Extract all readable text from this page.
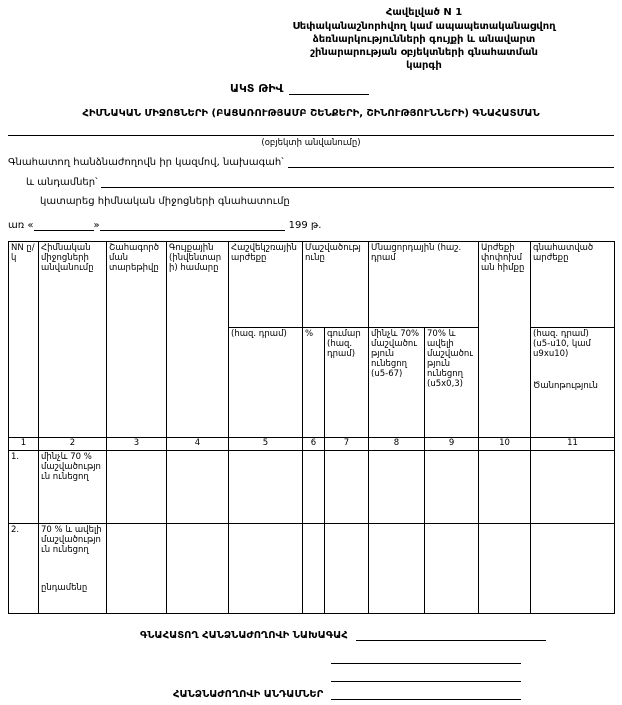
Հավելված N 1
Սեփականաշնորհվող կամ ապապետականացվող
ձեռնարկությունների գույքի և անավարտ
շինարարության օբյեկտների գնահատման
կարգի
ԱԿՏ ԹԻՎ
ՀԻՄՆԱԿԱՆ ՄԻՋՈՑՆԵՐԻ (ԲԱՑԱՌՈՒԹՅԱՄԲ ՇԵՆՔԵՐԻ, ՇԻՆՈՒԹՅՈՒՆՆԵՐԻ) ԳՆԱՀԱՏՄԱՆ
(օբյեկտի անվանումը)
Գնահատող հանձնաժողովն իր կազմով, նախագահ՝
և անդամներ՝
կատարեց հիմնական միջոցների գնահատումը
առ «	»	199 թ.
NN ը/կ	Հիմնական միջոցների անվանումը	Շահագործման տարեթիվը	Գույքային (ինվենտարի) համարը	Հաշվեկշռային արժեքը	Մաշվածությունը		Մնացորդային (հաշ. դրամ		Արժեքի փոփոխման հիմքը	գնահատված արժեքը
				(հազ. դրամ)	%	գումար (հազ. դրամ)	մինչև 70% մաշվածություն ունեցող (ս5-67)	70% և ավելի մաշվածություն ունեցող (ս5x0,3)		(հազ. դրամ)
(ս5-ս10, կամ ս9xս10)
Ծանոթություն

1	2	3	4	5	6	7	8	9	10	11
1.	մինչև 70 % մաշվածություն ունեցող									
2.	70 % և ավելի մաշվածություն ունեցող
ընդամենը									

ԳՆԱՀԱՏՈՂ ՀԱՆՁՆԱԺՈՂՈՎԻ ՆԱԽԱԳԱՀ
ՀԱՆՁՆԱԺՈՂՈՎԻ ԱՆԴԱՄՆԵՐ
